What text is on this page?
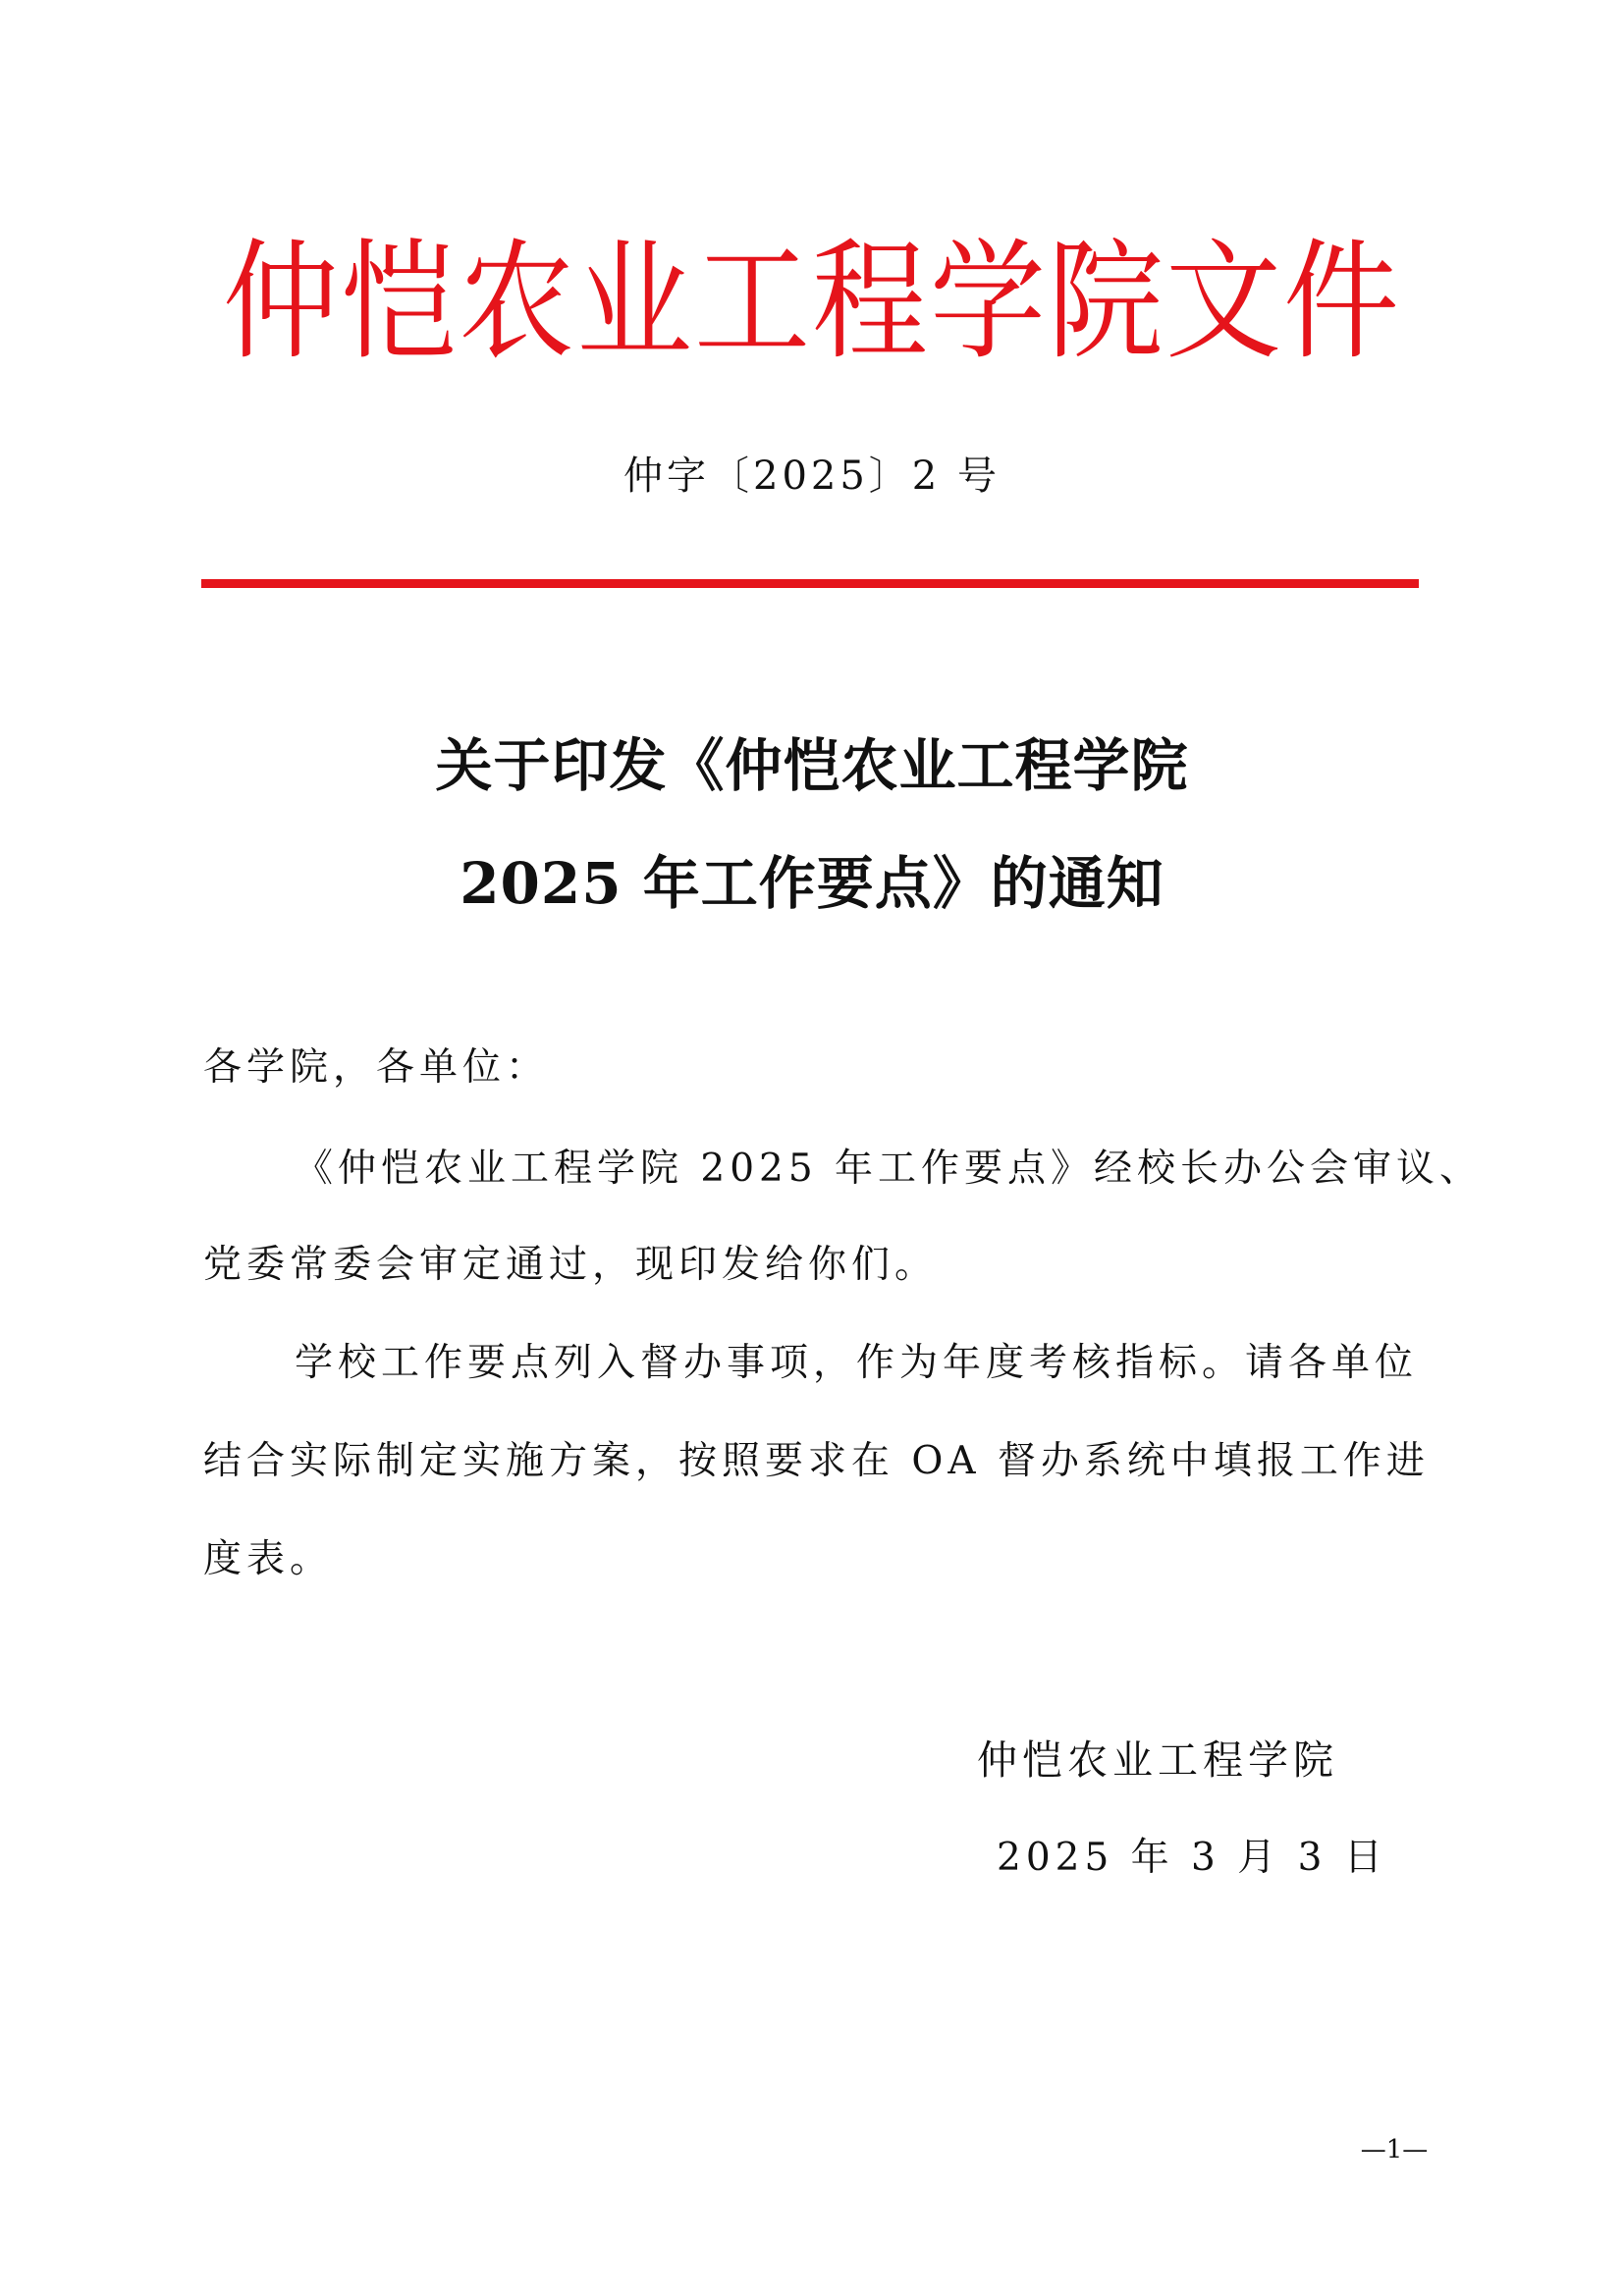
仲恺农业工程学院文件
仲字〔2025〕2 号
关于印发《仲恺农业工程学院
2025 年工作要点》的通知
各学院，各单位：
《仲恺农业工程学院 2025 年工作要点》经校长办公会审议、
党委常委会审定通过，现印发给你们。
学校工作要点列入督办事项，作为年度考核指标。请各单位
结合实际制定实施方案，按照要求在 OA 督办系统中填报工作进
度表。
仲恺农业工程学院
2025 年 3 月 3 日
—1—
